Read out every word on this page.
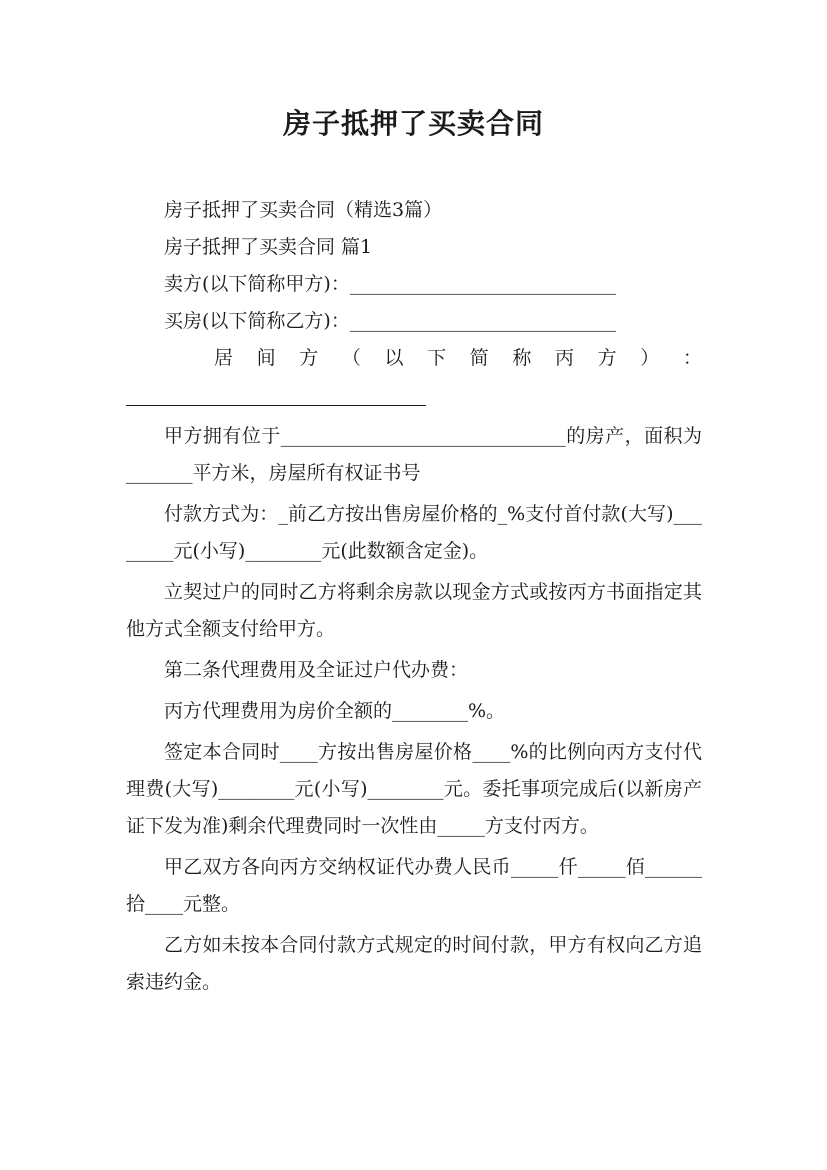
房子抵押了买卖合同

房子抵押了买卖合同（精选3篇）

房子抵押了买卖合同 篇1

卖方(以下简称甲方)：____________________________

买房(以下简称乙方)：____________________________

居 间 方 （ 以 下 简 称 丙 方 ） ：

甲方拥有位于______________________________的房产，面积为_______平方米，房屋所有权证书号

付款方式为：_前乙方按出售房屋价格的_%支付首付款(大写)________元(小写)________元(此数额含定金)。

立契过户的同时乙方将剩余房款以现金方式或按丙方书面指定其他方式全额支付给甲方。

第二条代理费用及全证过户代办费：

丙方代理费用为房价全额的________%。

签定本合同时____方按出售房屋价格____%的比例向丙方支付代理费(大写)________元(小写)________元。委托事项完成后(以新房产证下发为准)剩余代理费同时一次性由_____方支付丙方。

甲乙双方各向丙方交纳权证代办费人民币_____仟_____佰______拾____元整。

乙方如未按本合同付款方式规定的时间付款，甲方有权向乙方追索违约金。
